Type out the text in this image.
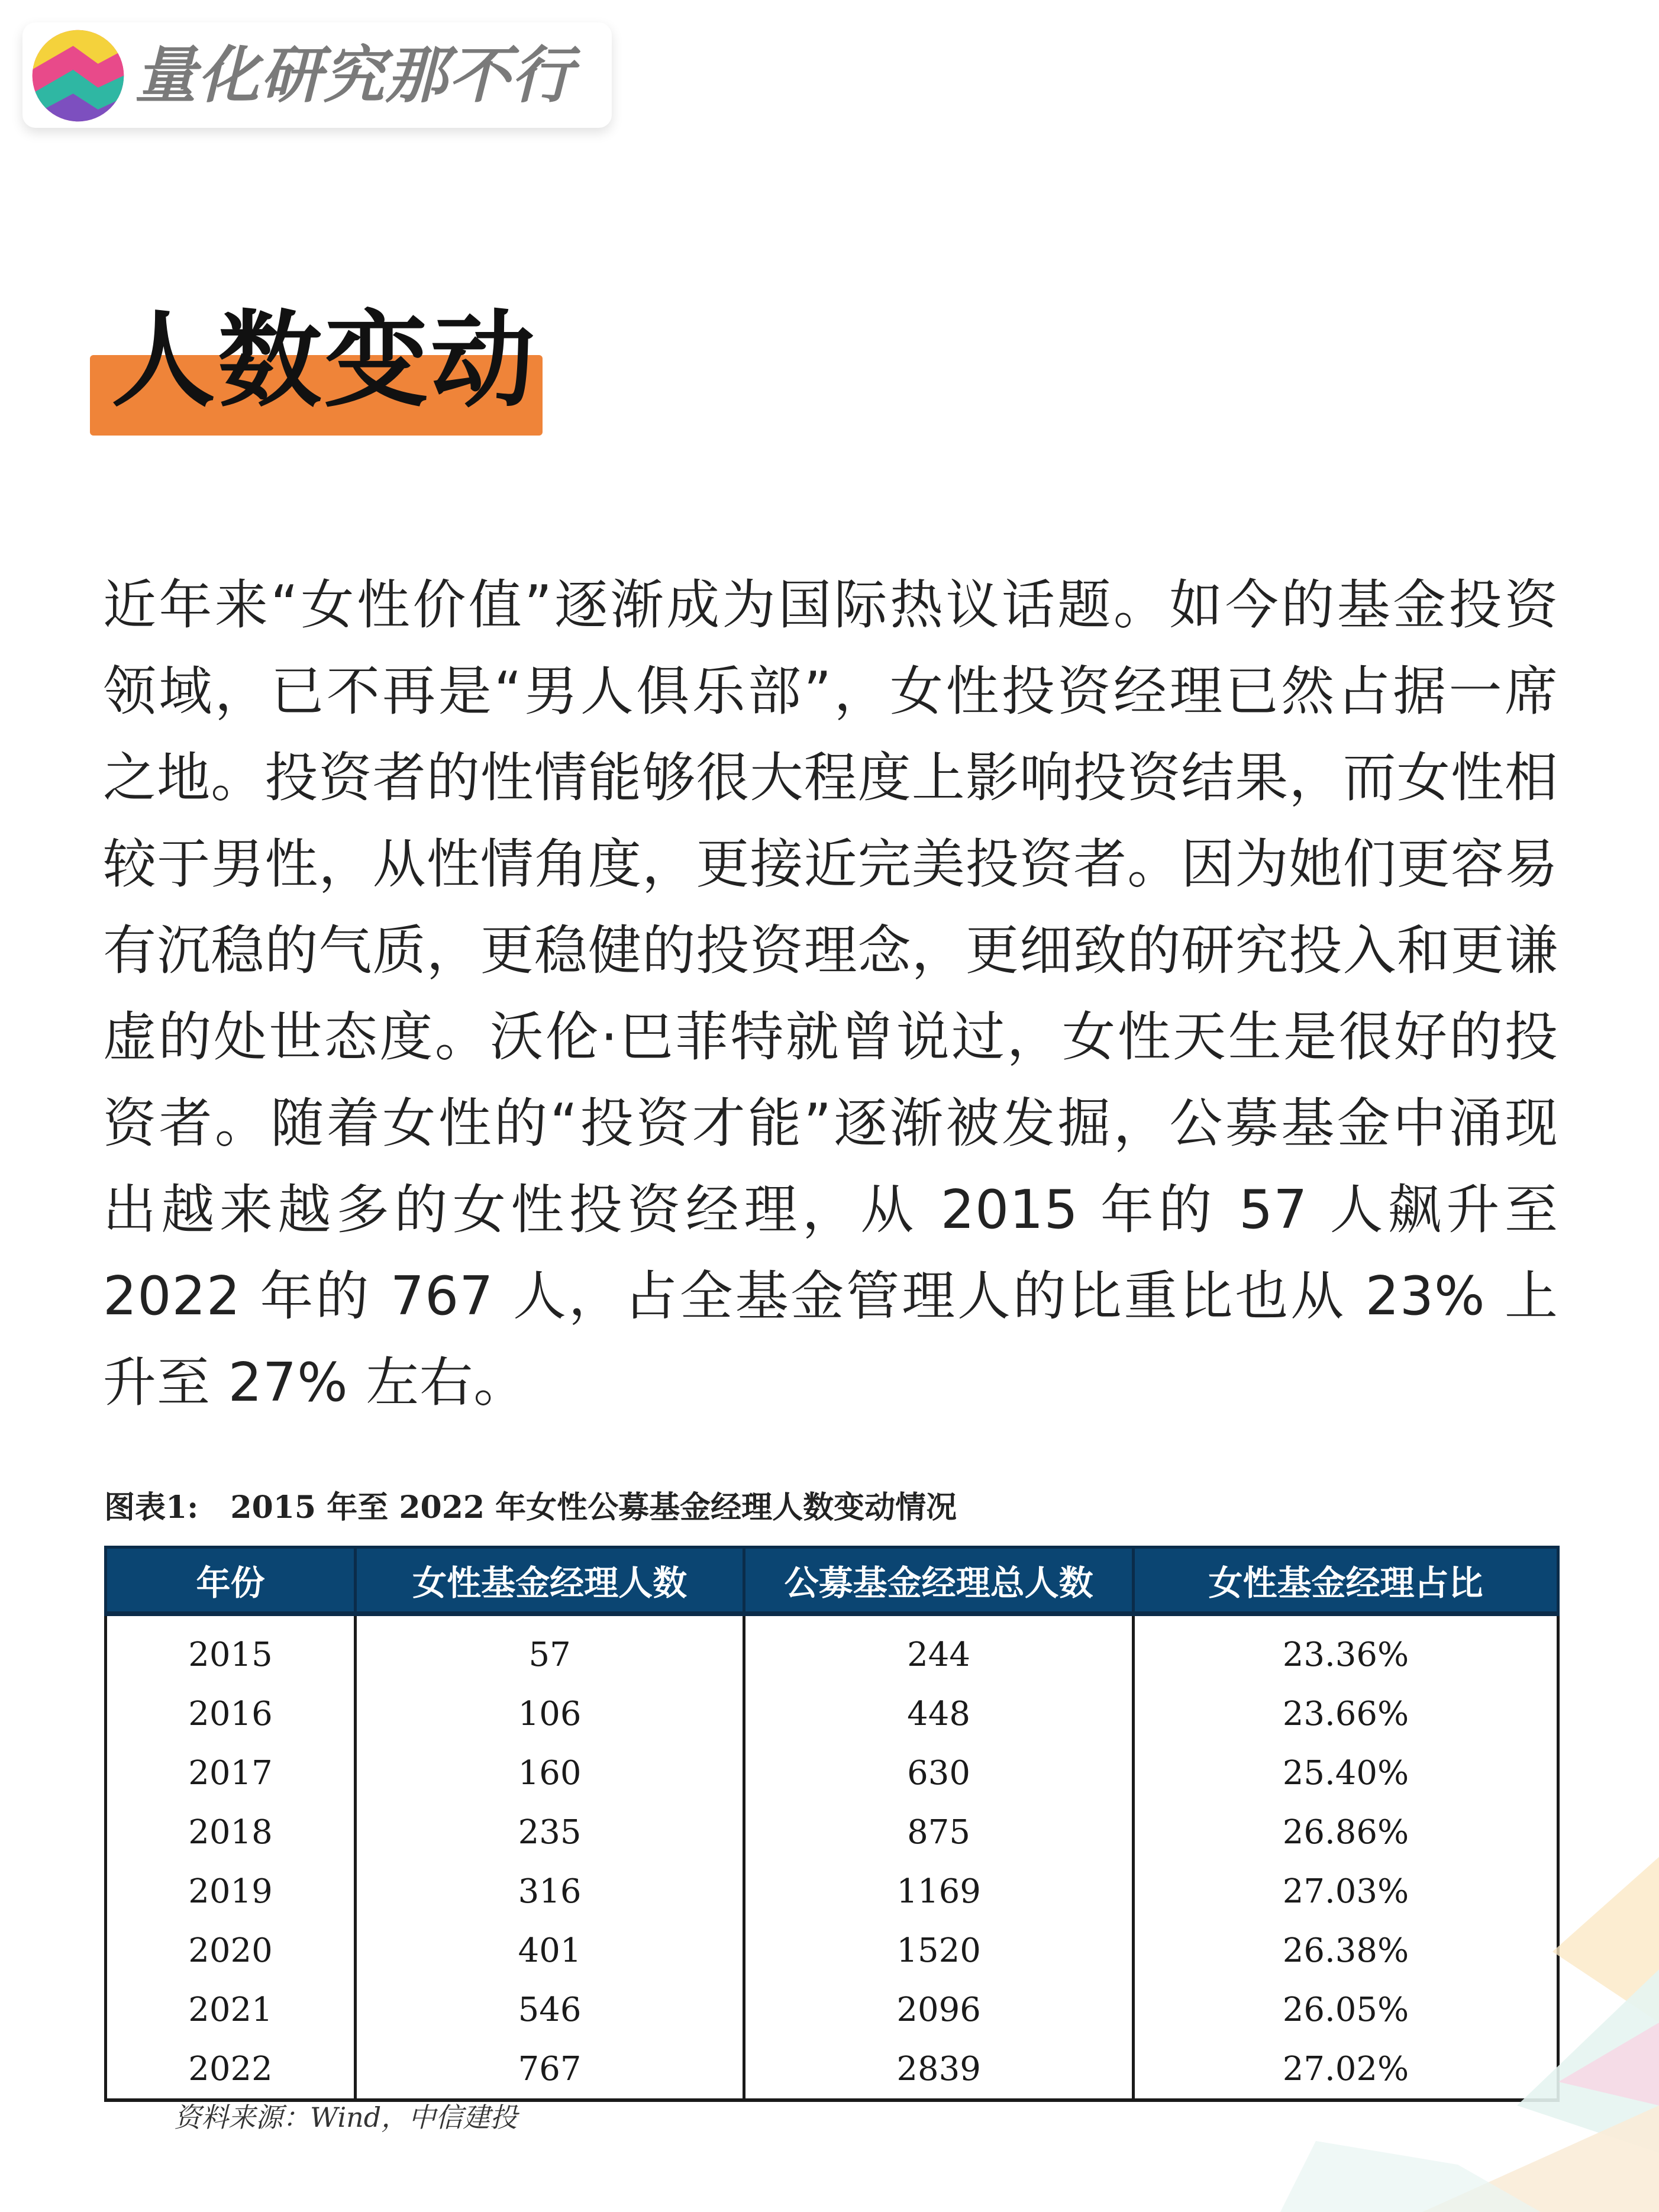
量化研究那不行
人数变动

近年来“女性价值”逐渐成为国际热议话题。如今的基金投资领域，已不再是“男人俱乐部”，女性投资经理已然占据一席之地。投资者的性情能够很大程度上影响投资结果，而女性相较于男性，从性情角度，更接近完美投资者。因为她们更容易有沉稳的气质，更稳健的投资理念，更细致的研究投入和更谦虚的处世态度。沃伦·巴菲特就曾说过，女性天生是很好的投资者。随着女性的“投资才能”逐渐被发掘，公募基金中涌现出越来越多的女性投资经理，从 2015 年的 57 人飙升至 2022 年的 767 人，占全基金管理人的比重比也从 23% 上升至 27% 左右。

图表1: 2015 年至 2022 年女性公募基金经理人数变动情况
年份	女性基金经理人数	公募基金经理总人数	女性基金经理占比
2015	57	244	23.36%
2016	106	448	23.66%
2017	160	630	25.40%
2018	235	875	26.86%
2019	316	1169	27.03%
2020	401	1520	26.38%
2021	546	2096	26.05%
2022	767	2839	27.02%
资料来源：Wind，中信建投
